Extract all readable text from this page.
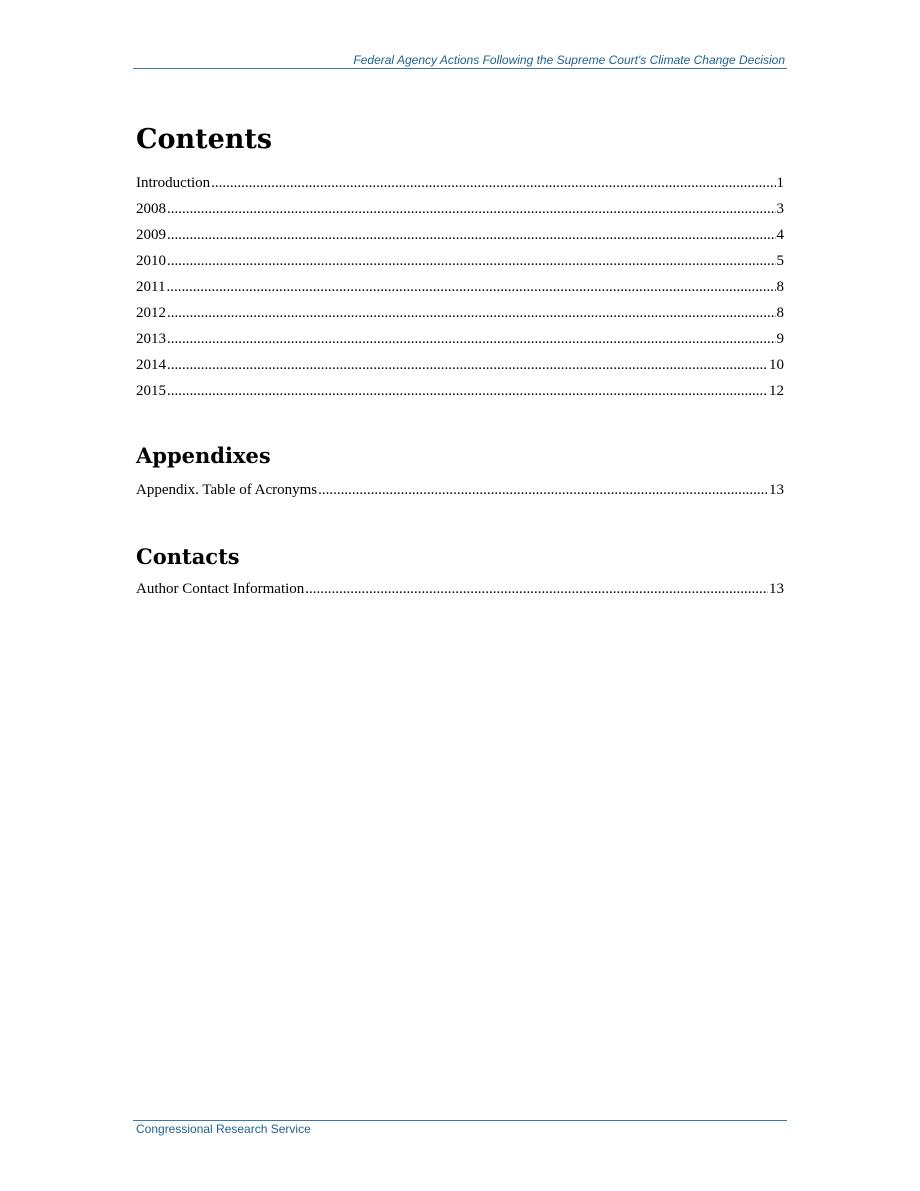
Federal Agency Actions Following the Supreme Court's Climate Change Decision
Contents
Introduction .....	1
2008 .....	3
2009 .....	4
2010 .....	5
2011 .....	8
2012 .....	8
2013 .....	9
2014 .....	10
2015 .....	12
Appendixes
Appendix. Table of Acronyms .....	13
Contacts
Author Contact Information .....	13
Congressional Research Service
